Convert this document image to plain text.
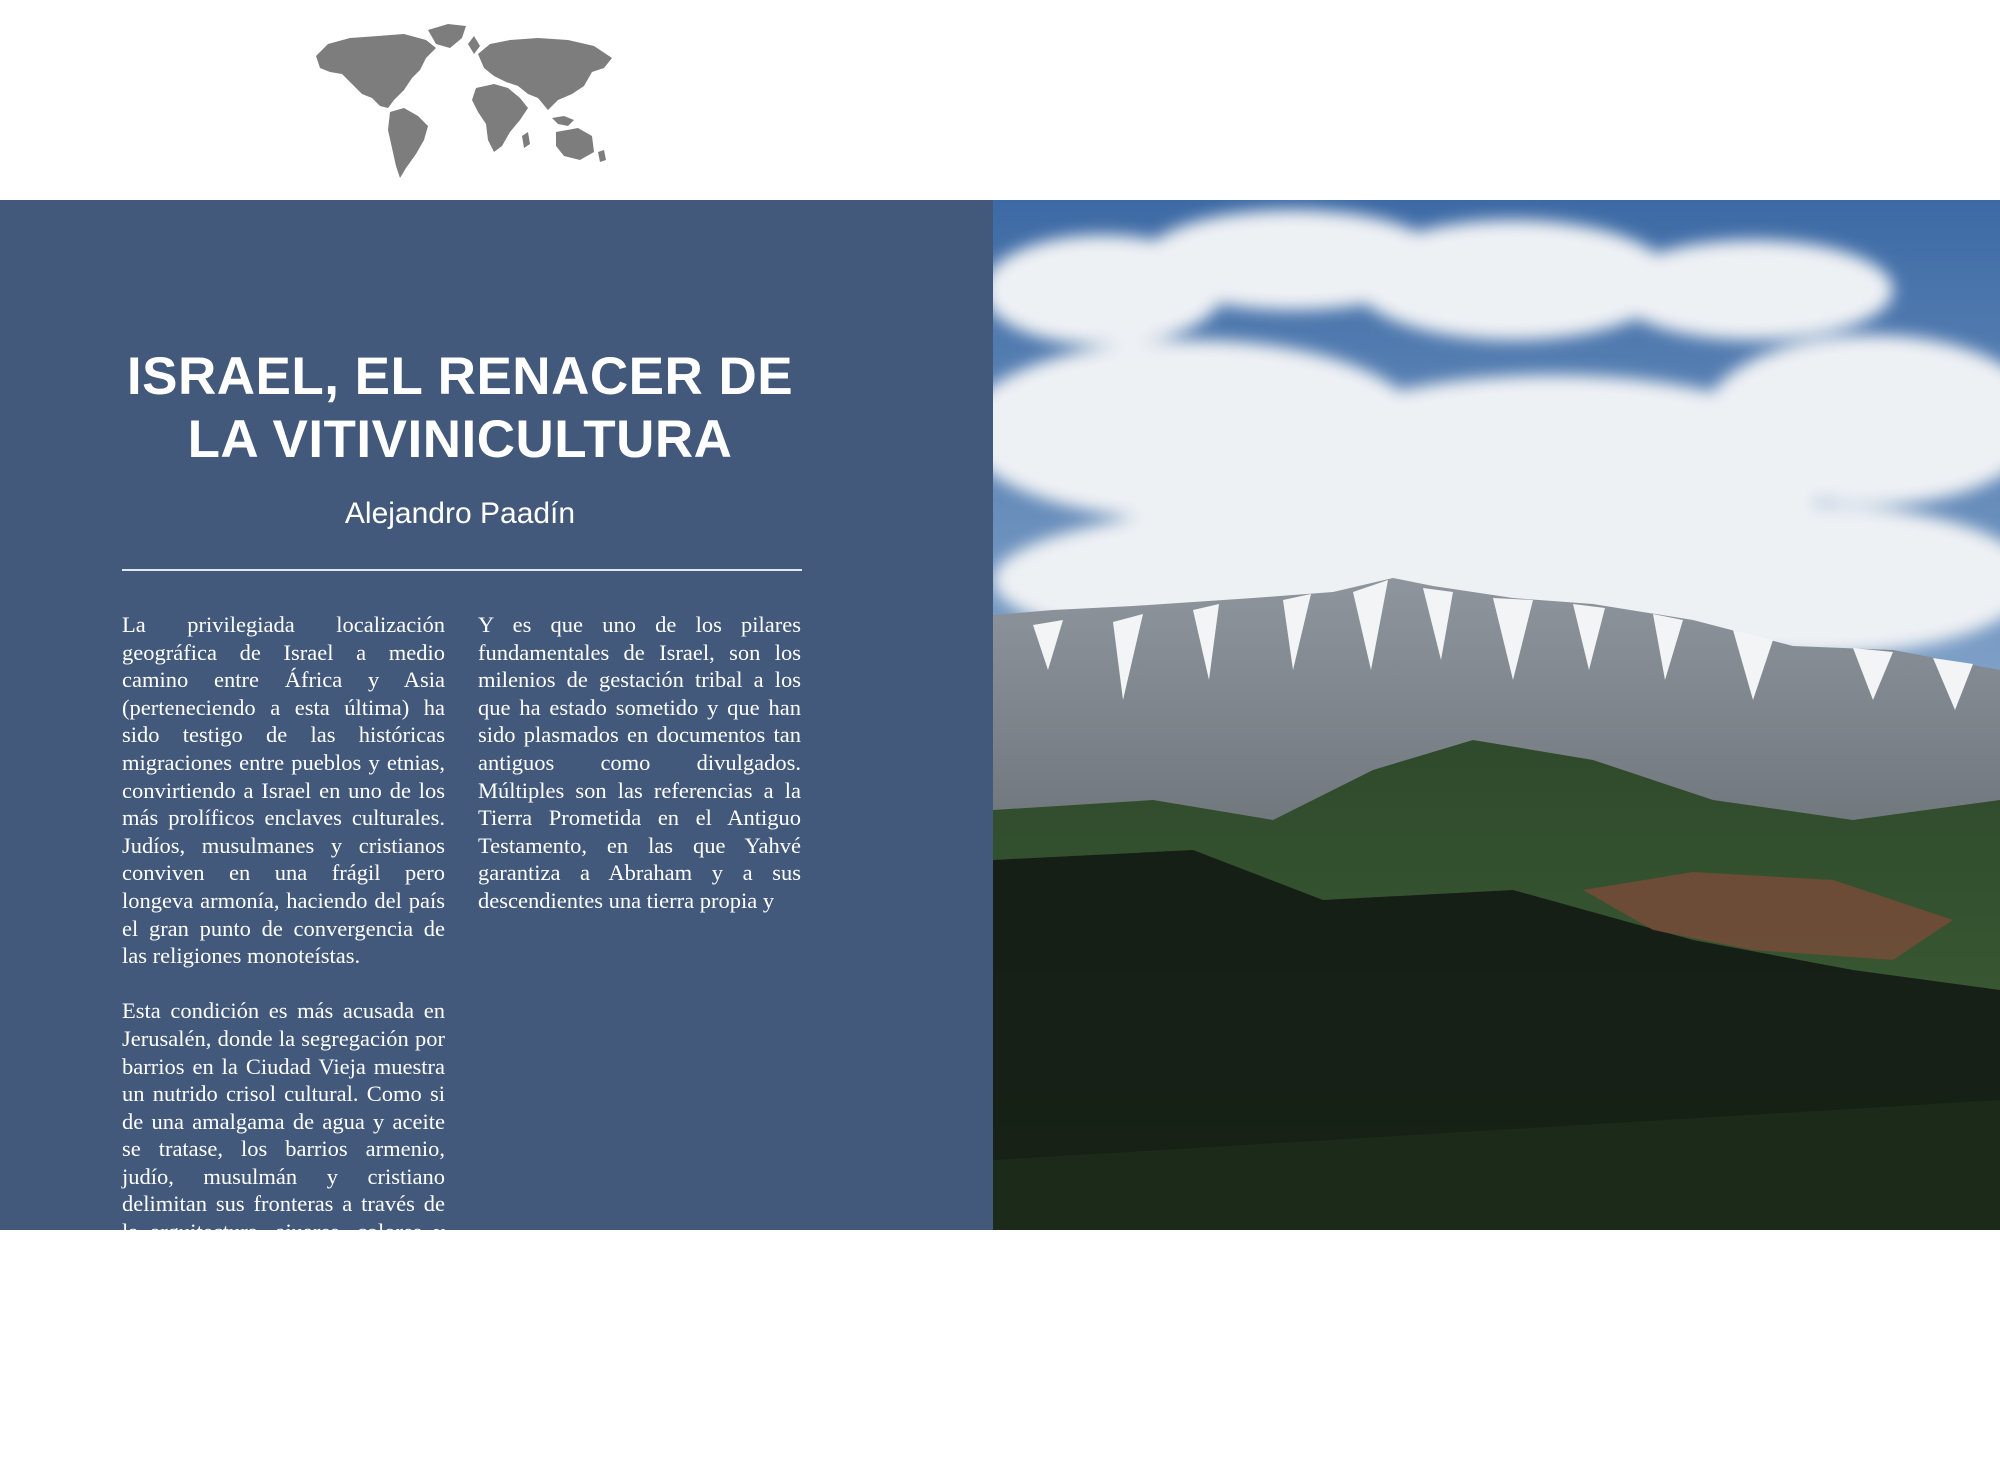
ISRAEL, EL RENACER DE
LA VITIVINICULTURA
Alejandro Paadín

La privilegiada localización geográfica de Israel a medio camino entre África y Asia (perteneciendo a esta última) ha sido testigo de las históricas migraciones entre pueblos y etnias, convirtiendo a Israel en uno de los más prolíficos enclaves culturales. Judíos, musulmanes y cristianos conviven en una frágil pero longeva armonía, haciendo del país el gran punto de convergencia de las religiones monoteístas.

Esta condición es más acusada en Jerusalén, donde la segregación por barrios en la Ciudad Vieja muestra un nutrido crisol cultural. Como si de una amalgama de agua y aceite se tratase, los barrios armenio, judío, musulmán y cristiano delimitan sus fronteras a través de la arquitectura, ajuares, colores y olores. Pasear por la Ciudad Vieja de Jerusalén es hacerlo por una conjugación histórica de Asia, África y Europa, lo que ineludiblemente se convierte en una experiencia de lo más estimulante.

Y es que uno de los pilares fundamentales de Israel, son los milenios de gestación tribal a los que ha estado sometido y que han sido plasmados en documentos tan antiguos como divulgados. Múltiples son las referencias a la Tierra Prometida en el Antiguo Testamento, en las que Yahvé garantiza a Abraham y a sus descendientes una tierra propia y
